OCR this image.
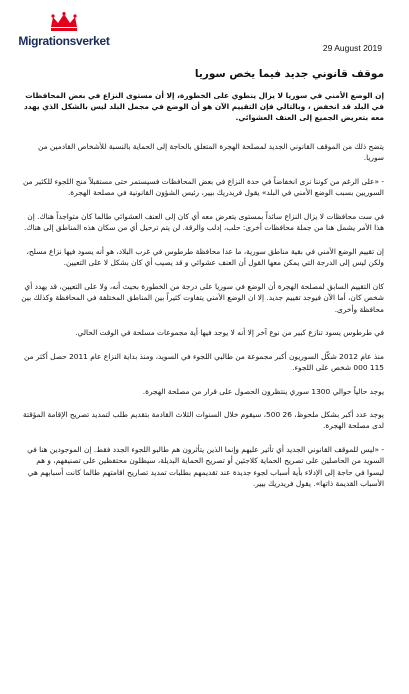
Migrationsverket	29 August 2019
موقف قانوني جديد فيما يخص سوريا

إن الوضع الأمني في سوريا لا يزال ينطوي على الخطورة، إلا أن مستوى النزاع في بعض المحافظات في البلد قد انخفض ، وبالتالي فإن التقييم الآن هو أن الوضع في مجمل البلد ليس بالشكل الذي يهدد معه بتعريض الجميع إلى العنف العشوائي.

يتضح ذلك من الموقف القانوني الجديد لمصلحة الهجرة المتعلق بالحاجة إلى الحماية بالنسبة للأشخاص القادمين من سوريا.

- «على الرغم من كوننا نرى انخفاضاً في حدة النزاع في بعض المحافظات فسيستمر حتى مستقبلاً منح اللجوء للكثير من السوريين بسبب الوضع الأمني في البلد» يقول فريدريك بيير، رئيس الشؤون القانونية في مصلحة الهجرة.

في ست محافظات لا يزال النزاع سائداً بمستوى يتعرض معه أي كان إلى العنف العشوائي طالما كان متواجداً هناك. إن هذا الأمر يشمل هنا من جملة محافظات أخرى: حلب، إدلب والرقة. لن يتم ترحيل أي من سكان هذه المناطق إلى هناك.

إن تقييم الوضع الأمني في بقية مناطق سورية، ما عدا محافظة طرطوس في غرب البلاد، هو أنه يسود فيها نزاع مسلح، ولكن ليس إلى الدرجة التي يمكن معها القول أن العنف عشوائي و قد يصيب أي كان بشكل لا على التعيين.

كان التقييم السابق لمصلحة الهجرة أن الوضع في سوريا على درجة من الخطورة بحيث أنه، ولا على التعيين، قد يهدد أي شخص كان، أما الآن فيوجد تقييم جديد. إلا ان الوضع الأمني يتفاوت كثيراً بين المناطق المختلفة في المحافظة وكذلك بين محافظة وأخرى.

في طرطوس يسود تنازع كبير من نوع آخر إلا أنه لا يوجد فيها أية مجموعات مسلحة في الوقت الحالي.

منذ عام 2012 شكّل السوريون أكبر مجموعة من طالبي اللجوء في السويد، ومنذ بداية النزاع عام 2011 حصل أكثر من 115 000 شخص على اللجوء.

يوجد حالياً حوالي 1300 سوري ينتظرون الحصول على قرار من مصلحة الهجرة.

يوجد عدد أكبر بشكل ملحوظ، 26 500، سيقوم خلال السنوات الثلاث القادمة بتقديم طلب لتمديد تصريح الإقامة المؤقتة لدى مصلحة الهجرة.

- «ليس للموقف القانوني الجديد أي تأثير عليهم وإنما الذين يتأثرون هم طالبو اللجوء الجدد فقط. إن الموجودين هنا في السويد من الحاصلين على تصريح الحماية كلاجئين أو تصريح الحماية البديلة، سيظلون محتفظين على تصنيفهم، و هم ليسوا في حاجة إلى الإدلاء بأية أسباب لجوء جديدة عند تقديمهم بطلبات تمديد تصاريح اقامتهم طالما كانت أسبابهم هي الأسباب القديمة ذاتها». يقول فريدريك بيير.
